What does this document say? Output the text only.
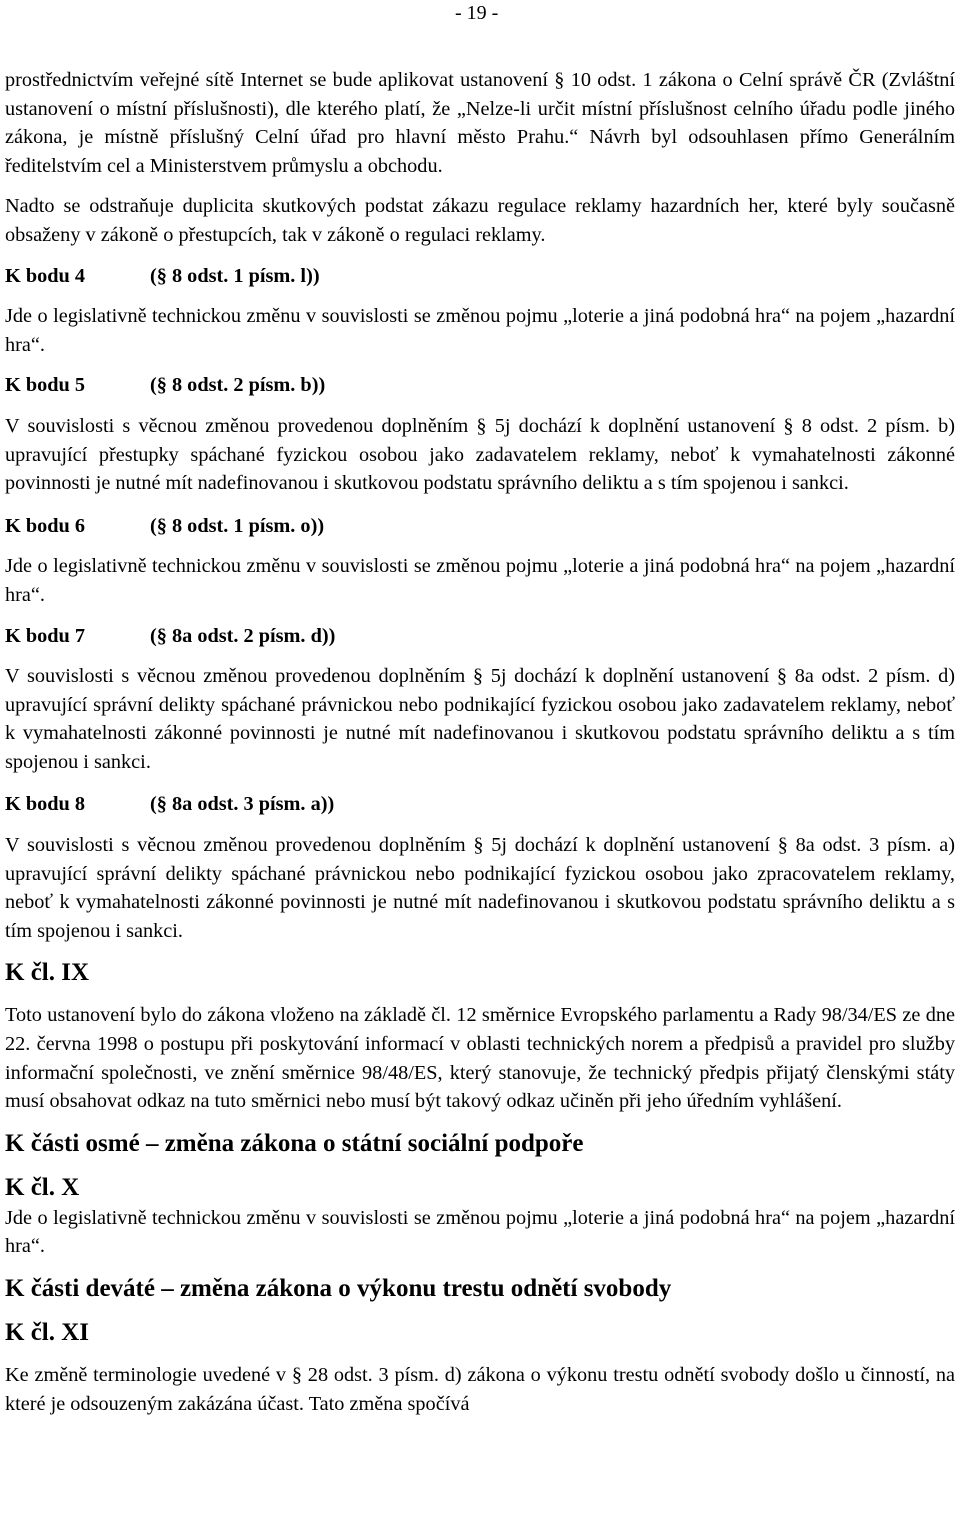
- 19 -

prostřednictvím veřejné sítě Internet se bude aplikovat ustanovení § 10 odst. 1 zákona o Celní správě ČR (Zvláštní ustanovení o místní příslušnosti), dle kterého platí, že „Nelze-li určit místní příslušnost celního úřadu podle jiného zákona, je místně příslušný Celní úřad pro hlavní město Prahu.“ Návrh byl odsouhlasen přímo Generálním ředitelstvím cel a Ministerstvem průmyslu a obchodu.

Nadto se odstraňuje duplicita skutkových podstat zákazu regulace reklamy hazardních her, které byly současně obsaženy v zákoně o přestupcích, tak v zákoně o regulaci reklamy.

K bodu 4	(§ 8 odst. 1 písm. l))

Jde o legislativně technickou změnu v souvislosti se změnou pojmu „loterie a jiná podobná hra“ na pojem „hazardní hra“.

K bodu 5	(§ 8 odst. 2 písm. b))

V souvislosti s věcnou změnou provedenou doplněním § 5j dochází k doplnění ustanovení § 8 odst. 2 písm. b) upravující přestupky spáchané fyzickou osobou jako zadavatelem reklamy, neboť k vymahatelnosti zákonné povinnosti je nutné mít nadefinovanou i skutkovou podstatu správního deliktu a s tím spojenou i sankci.

K bodu 6	(§ 8 odst. 1 písm. o))

Jde o legislativně technickou změnu v souvislosti se změnou pojmu „loterie a jiná podobná hra“ na pojem „hazardní hra“.

K bodu 7	(§ 8a odst. 2 písm. d))

V souvislosti s věcnou změnou provedenou doplněním § 5j dochází k doplnění ustanovení § 8a odst. 2 písm. d) upravující správní delikty spáchané právnickou nebo podnikající fyzickou osobou jako zadavatelem reklamy, neboť k vymahatelnosti zákonné povinnosti je nutné mít nadefinovanou i skutkovou podstatu správního deliktu a s tím spojenou i sankci.

K bodu 8	(§ 8a odst. 3 písm. a))

V souvislosti s věcnou změnou provedenou doplněním § 5j dochází k doplnění ustanovení § 8a odst. 3 písm. a) upravující správní delikty spáchané právnickou nebo podnikající fyzickou osobou jako zpracovatelem reklamy, neboť k vymahatelnosti zákonné povinnosti je nutné mít nadefinovanou i skutkovou podstatu správního deliktu a s tím spojenou i sankci.

K čl. IX

Toto ustanovení bylo do zákona vloženo na základě čl. 12 směrnice Evropského parlamentu a Rady 98/34/ES ze dne 22. června 1998 o postupu při poskytování informací v oblasti technických norem a předpisů a pravidel pro služby informační společnosti, ve znění směrnice 98/48/ES, který stanovuje, že technický předpis přijatý členskými státy musí obsahovat odkaz na tuto směrnici nebo musí být takový odkaz učiněn při jeho úředním vyhlášení.

K části osmé – změna zákona o státní sociální podpoře
K čl. X

Jde o legislativně technickou změnu v souvislosti se změnou pojmu „loterie a jiná podobná hra“ na pojem „hazardní hra“.

K části deváté – změna zákona o výkonu trestu odnětí svobody
K čl. XI

Ke změně terminologie uvedené v § 28 odst. 3 písm. d) zákona o výkonu trestu odnětí svobody došlo u činností, na které je odsouzeným zakázána účast. Tato změna spočívá
